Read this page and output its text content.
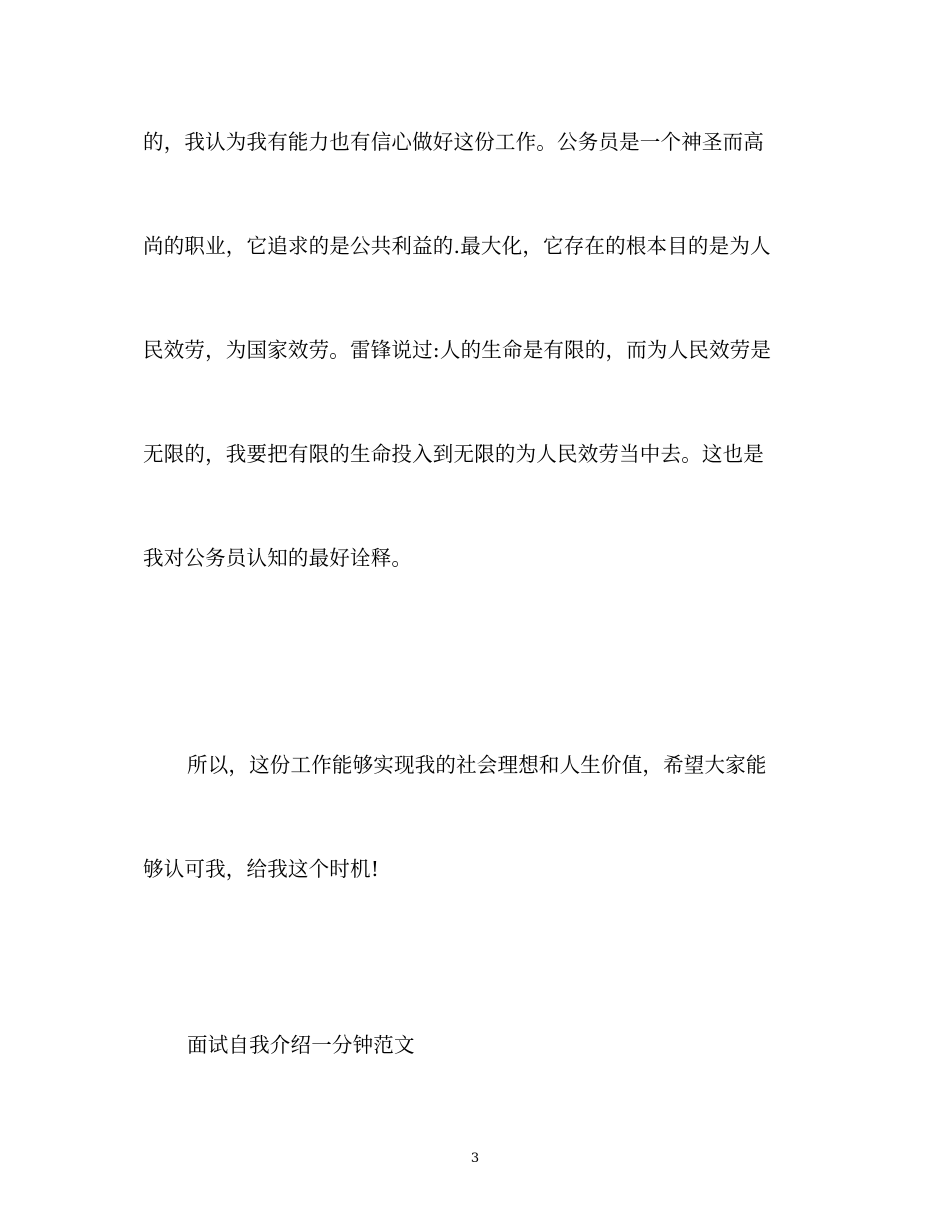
的，我认为我有能力也有信心做好这份工作。公务员是一个神圣而高
尚的职业，它追求的是公共利益的.最大化，它存在的根本目的是为人
民效劳，为国家效劳。雷锋说过:人的生命是有限的，而为人民效劳是
无限的，我要把有限的生命投入到无限的为人民效劳当中去。这也是
我对公务员认知的最好诠释。
所以，这份工作能够实现我的社会理想和人生价值，希望大家能
够认可我，给我这个时机!
面试自我介绍一分钟范文
3
